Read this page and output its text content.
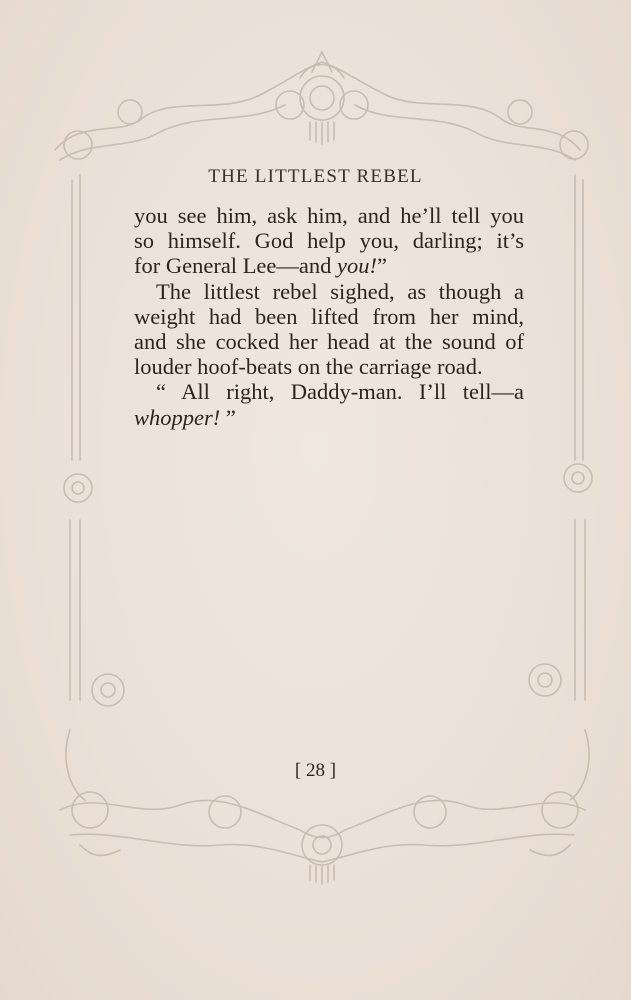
THE LITTLEST REBEL
you see him, ask him, and he’ll tell you
so himself. God help you, darling; it’s
for General Lee—and you!”
The littlest rebel sighed, as though a
weight had been lifted from her mind,
and she cocked her head at the sound of
louder hoof-beats on the carriage road.
“ All right, Daddy-man. I’ll tell—a
whopper! ”
[ 28 ]
